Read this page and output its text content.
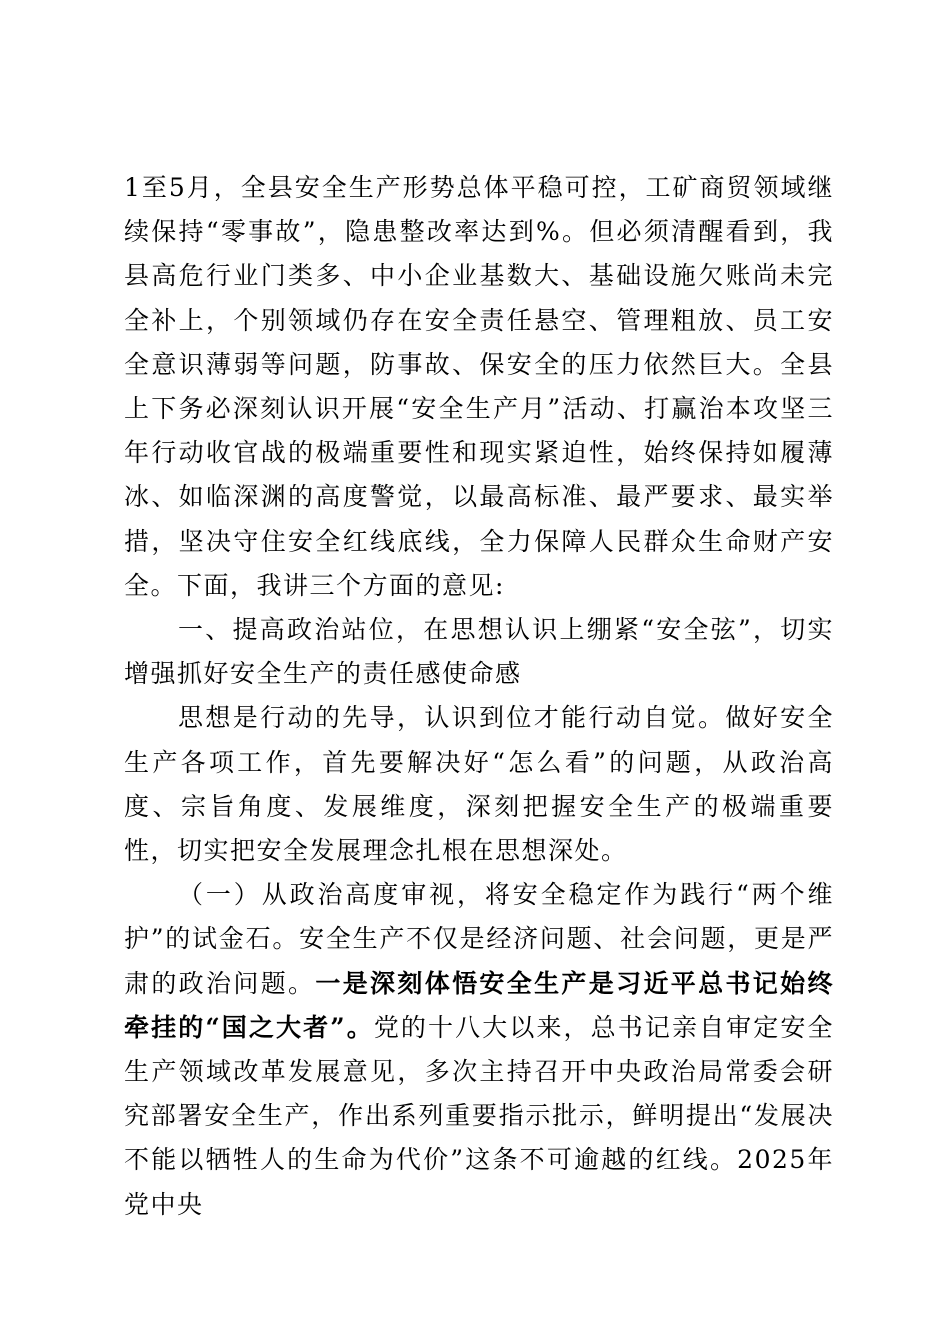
1至5月，全县安全生产形势总体平稳可控，工矿商贸领域继续保持“零事故”，隐患整改率达到%。但必须清醒看到，我县高危行业门类多、中小企业基数大、基础设施欠账尚未完全补上，个别领域仍存在安全责任悬空、管理粗放、员工安全意识薄弱等问题，防事故、保安全的压力依然巨大。全县上下务必深刻认识开展“安全生产月”活动、打赢治本攻坚三年行动收官战的极端重要性和现实紧迫性，始终保持如履薄冰、如临深渊的高度警觉，以最高标准、最严要求、最实举措，坚决守住安全红线底线，全力保障人民群众生命财产安全。下面，我讲三个方面的意见:

一、提高政治站位，在思想认识上绷紧“安全弦”，切实增强抓好安全生产的责任感使命感

思想是行动的先导，认识到位才能行动自觉。做好安全生产各项工作，首先要解决好“怎么看”的问题，从政治高度、宗旨角度、发展维度，深刻把握安全生产的极端重要性，切实把安全发展理念扎根在思想深处。

（一）从政治高度审视，将安全稳定作为践行“两个维护”的试金石。安全生产不仅是经济问题、社会问题，更是严肃的政治问题。一是深刻体悟安全生产是习近平总书记始终牵挂的“国之大者”。党的十八大以来，总书记亲自审定安全生产领域改革发展意见，多次主持召开中央政治局常委会研究部署安全生产，作出系列重要指示批示，鲜明提出“发展决不能以牺牲人的生命为代价”这条不可逾越的红线。2025年党中央
